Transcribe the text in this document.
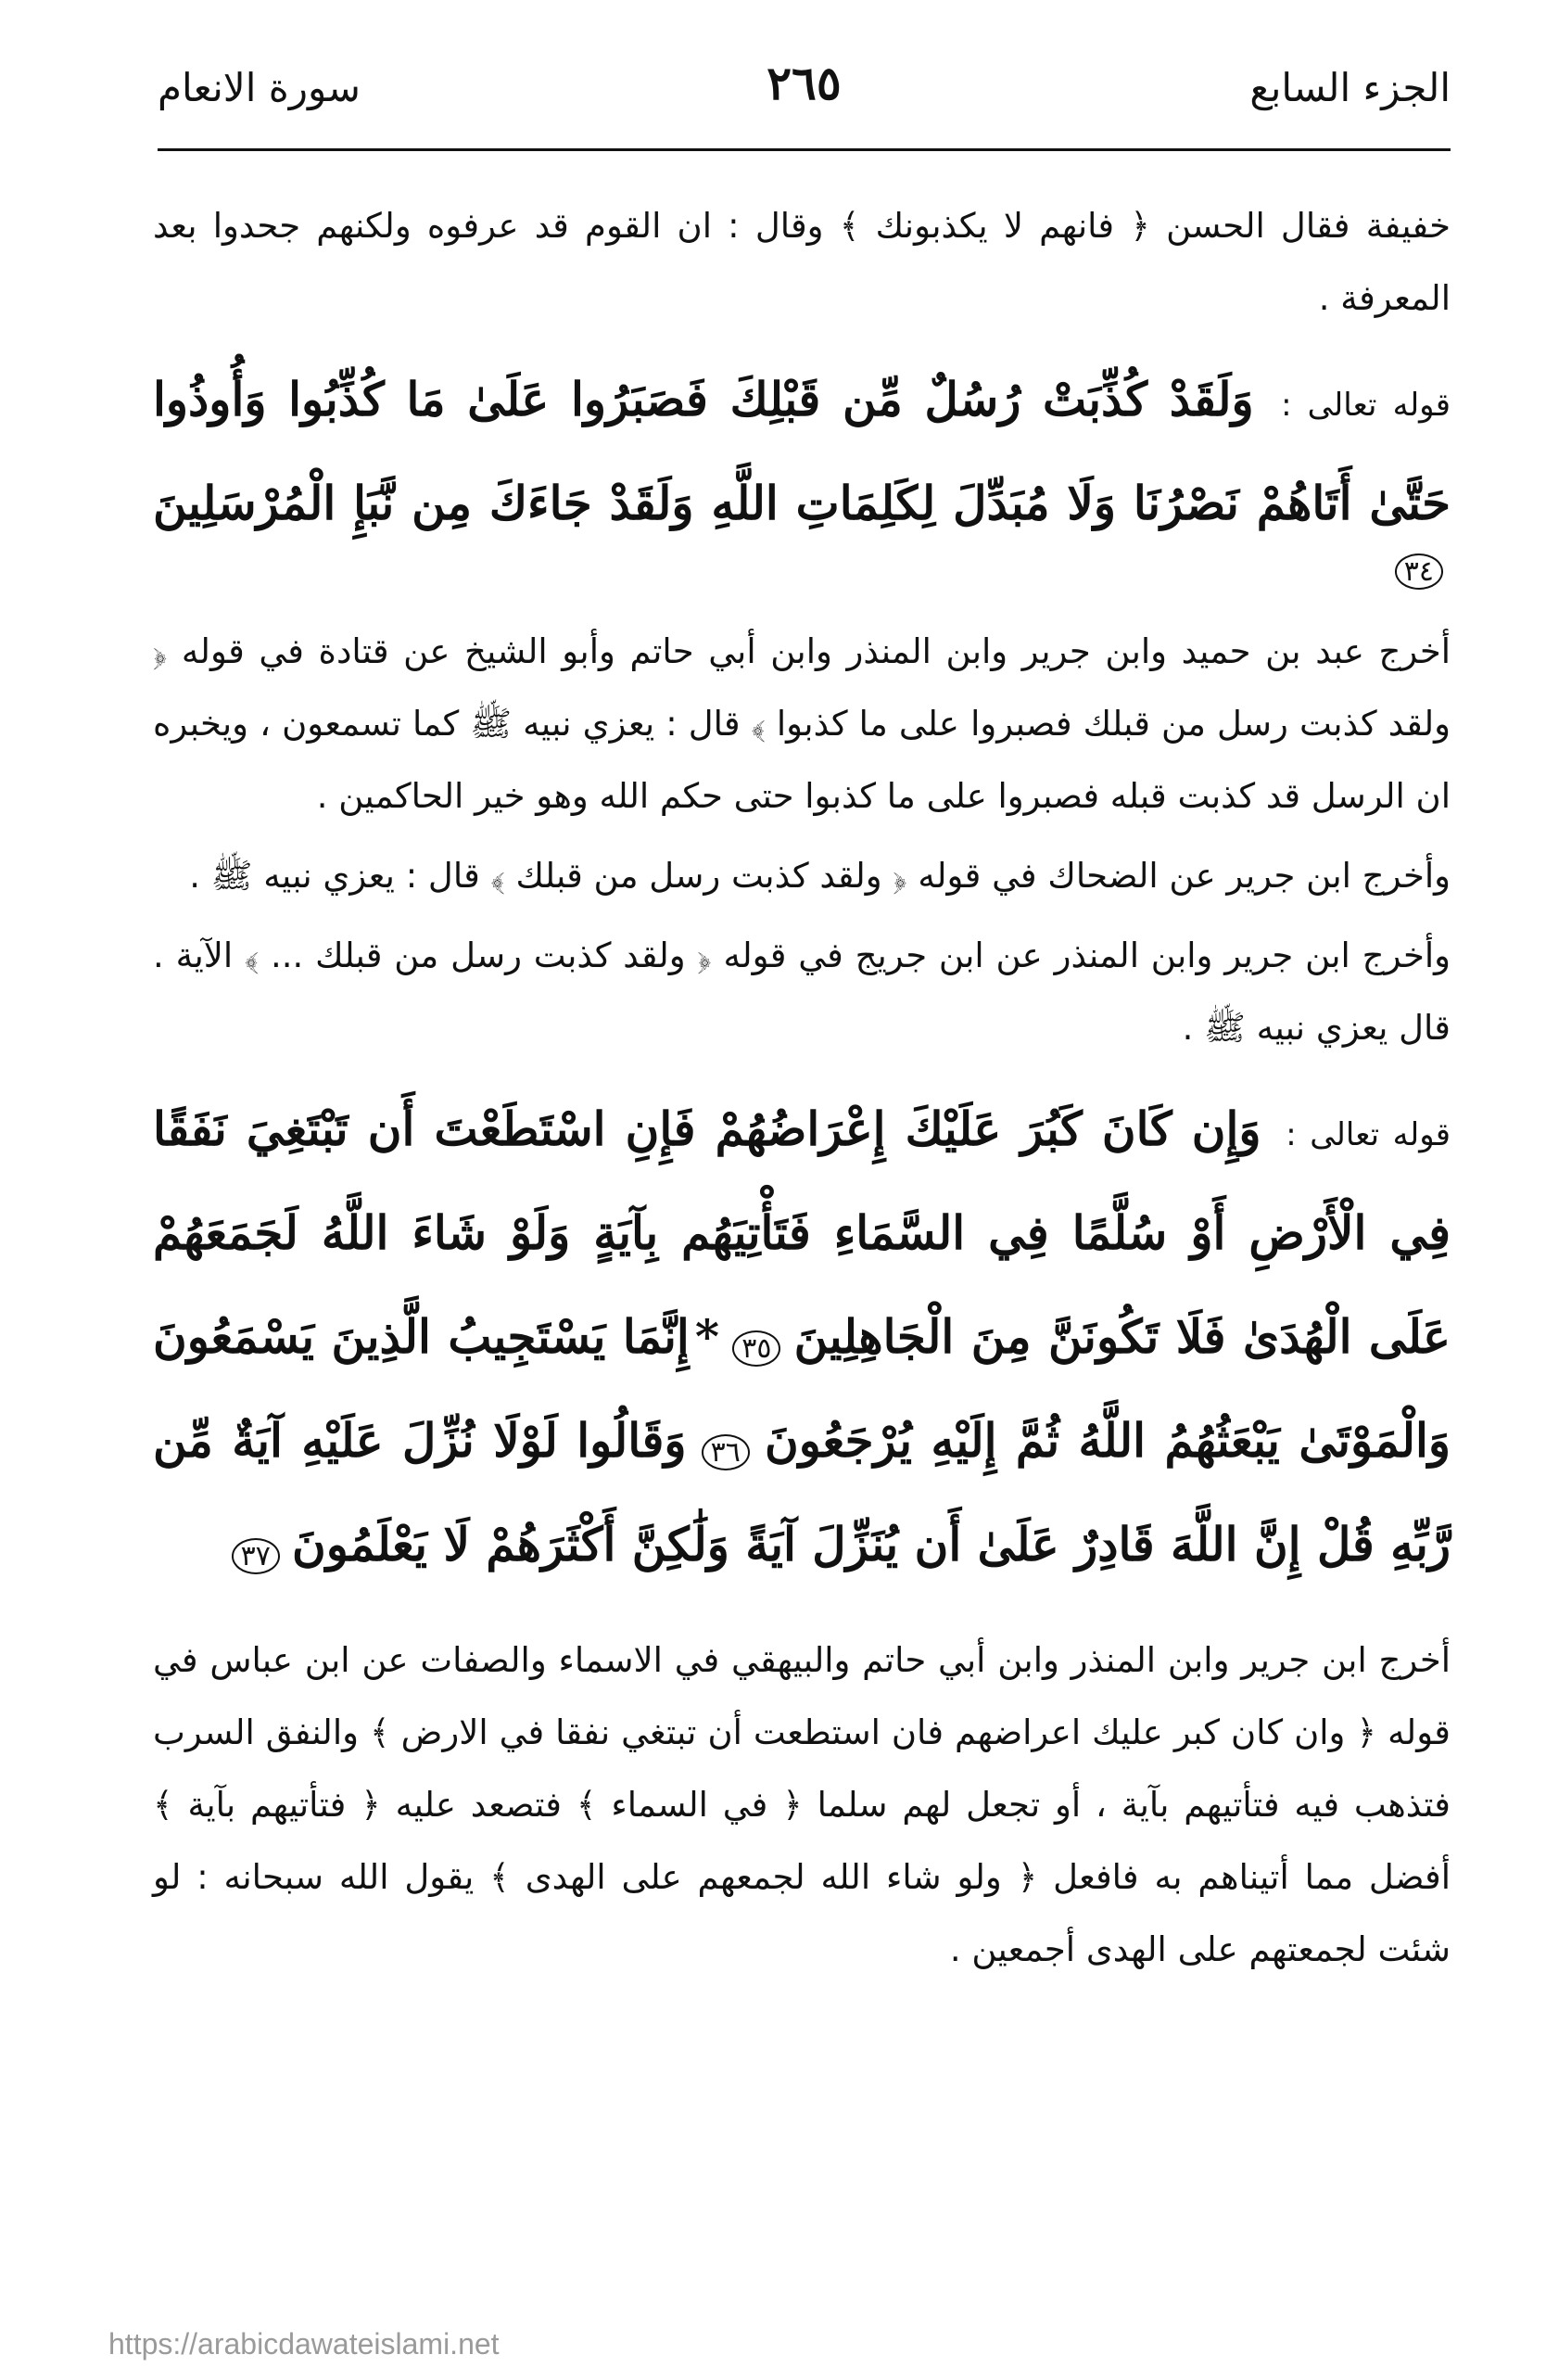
الجزء السابع
٢٦٥
سورة الانعام

خفيفة فقال الحسن ﴿ فانهم لا يكذبونك ﴾ وقال : ان القوم قد عرفوه ولكنهم جحدوا بعد المعرفة .

قوله تعالى : وَلَقَدْ كُذِّبَتْ رُسُلٌ مِّن قَبْلِكَ فَصَبَرُوا عَلَىٰ مَا كُذِّبُوا وَأُوذُوا حَتَّىٰ أَتَاهُمْ نَصْرُنَا وَلَا مُبَدِّلَ لِكَلِمَاتِ اللَّهِ وَلَقَدْ جَاءَكَ مِن نَّبَإِ الْمُرْسَلِينَ ٣٤

أخرج عبد بن حميد وابن جرير وابن المنذر وابن أبي حاتم وأبو الشيخ عن قتادة في قوله ﴿ ولقد كذبت رسل من قبلك فصبروا على ما كذبوا ﴾ قال : يعزي نبيه ﷺ كما تسمعون ، ويخبره ان الرسل قد كذبت قبله فصبروا على ما كذبوا حتى حكم الله وهو خير الحاكمين .

وأخرج ابن جرير عن الضحاك في قوله ﴿ ولقد كذبت رسل من قبلك ﴾ قال : يعزي نبيه ﷺ .

وأخرج ابن جرير وابن المنذر عن ابن جريج في قوله ﴿ ولقد كذبت رسل من قبلك ... ﴾ الآية . قال يعزي نبيه ﷺ .

قوله تعالى : وَإِن كَانَ كَبُرَ عَلَيْكَ إِعْرَاضُهُمْ فَإِنِ اسْتَطَعْتَ أَن تَبْتَغِيَ نَفَقًا فِي الْأَرْضِ أَوْ سُلَّمًا فِي السَّمَاءِ فَتَأْتِيَهُم بِآيَةٍ وَلَوْ شَاءَ اللَّهُ لَجَمَعَهُمْ عَلَى الْهُدَىٰ فَلَا تَكُونَنَّ مِنَ الْجَاهِلِينَ ٣٥ * إِنَّمَا يَسْتَجِيبُ الَّذِينَ يَسْمَعُونَ وَالْمَوْتَىٰ يَبْعَثُهُمُ اللَّهُ ثُمَّ إِلَيْهِ يُرْجَعُونَ ٣٦ وَقَالُوا لَوْلَا نُزِّلَ عَلَيْهِ آيَةٌ مِّن رَّبِّهِ قُلْ إِنَّ اللَّهَ قَادِرٌ عَلَىٰ أَن يُنَزِّلَ آيَةً وَلَٰكِنَّ أَكْثَرَهُمْ لَا يَعْلَمُونَ ٣٧

أخرج ابن جرير وابن المنذر وابن أبي حاتم والبيهقي في الاسماء والصفات عن ابن عباس في قوله ﴿ وان كان كبر عليك اعراضهم فان استطعت أن تبتغي نفقا في الارض ﴾ والنفق السرب فتذهب فيه فتأتيهم بآية ، أو تجعل لهم سلما ﴿ في السماء ﴾ فتصعد عليه ﴿ فتأتيهم بآية ﴾ أفضل مما أتيناهم به فافعل ﴿ ولو شاء الله لجمعهم على الهدى ﴾ يقول الله سبحانه : لو شئت لجمعتهم على الهدى أجمعين .

https://arabicdawateislami.net
